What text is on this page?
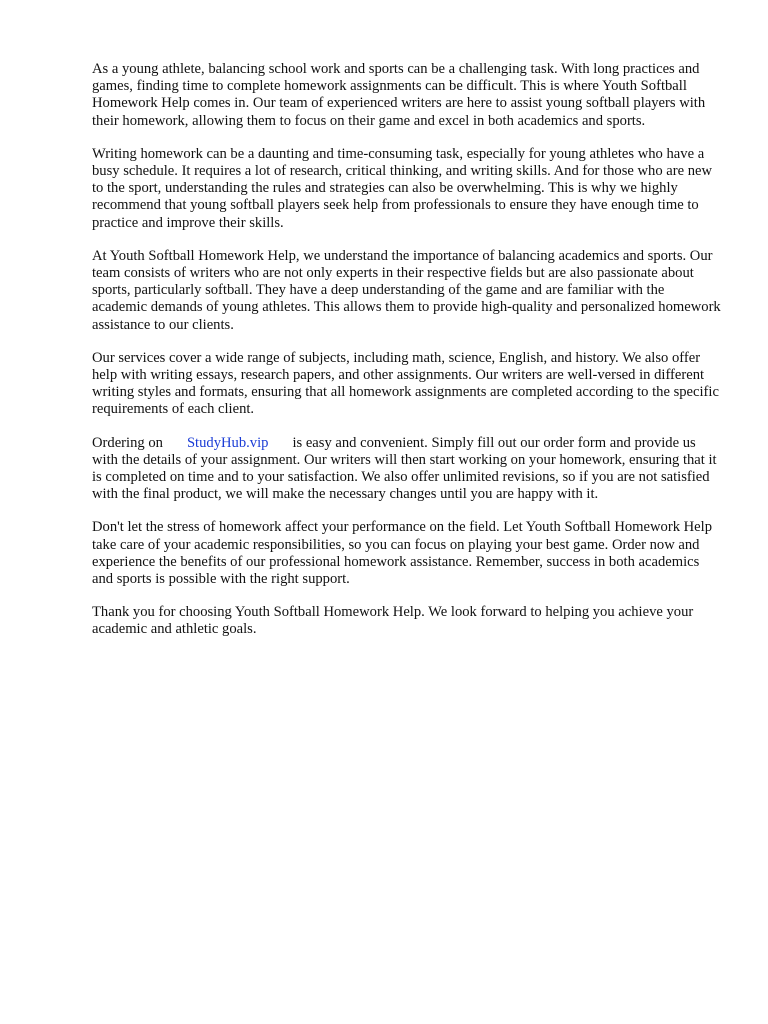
As a young athlete, balancing school work and sports can be a challenging task. With long practices and games, finding time to complete homework assignments can be difficult. This is where Youth Softball Homework Help comes in. Our team of experienced writers are here to assist young softball players with their homework, allowing them to focus on their game and excel in both academics and sports.

Writing homework can be a daunting and time-consuming task, especially for young athletes who have a busy schedule. It requires a lot of research, critical thinking, and writing skills. And for those who are new to the sport, understanding the rules and strategies can also be overwhelming. This is why we highly recommend that young softball players seek help from professionals to ensure they have enough time to practice and improve their skills.

At Youth Softball Homework Help, we understand the importance of balancing academics and sports. Our team consists of writers who are not only experts in their respective fields but are also passionate about sports, particularly softball. They have a deep understanding of the game and are familiar with the academic demands of young athletes. This allows them to provide high-quality and personalized homework assistance to our clients.

Our services cover a wide range of subjects, including math, science, English, and history. We also offer help with writing essays, research papers, and other assignments. Our writers are well-versed in different writing styles and formats, ensuring that all homework assignments are completed according to the specific requirements of each client.

Ordering on StudyHub.vip is easy and convenient. Simply fill out our order form and provide us with the details of your assignment. Our writers will then start working on your homework, ensuring that it is completed on time and to your satisfaction. We also offer unlimited revisions, so if you are not satisfied with the final product, we will make the necessary changes until you are happy with it.

Don't let the stress of homework affect your performance on the field. Let Youth Softball Homework Help take care of your academic responsibilities, so you can focus on playing your best game. Order now and experience the benefits of our professional homework assistance. Remember, success in both academics and sports is possible with the right support.

Thank you for choosing Youth Softball Homework Help. We look forward to helping you achieve your academic and athletic goals.
